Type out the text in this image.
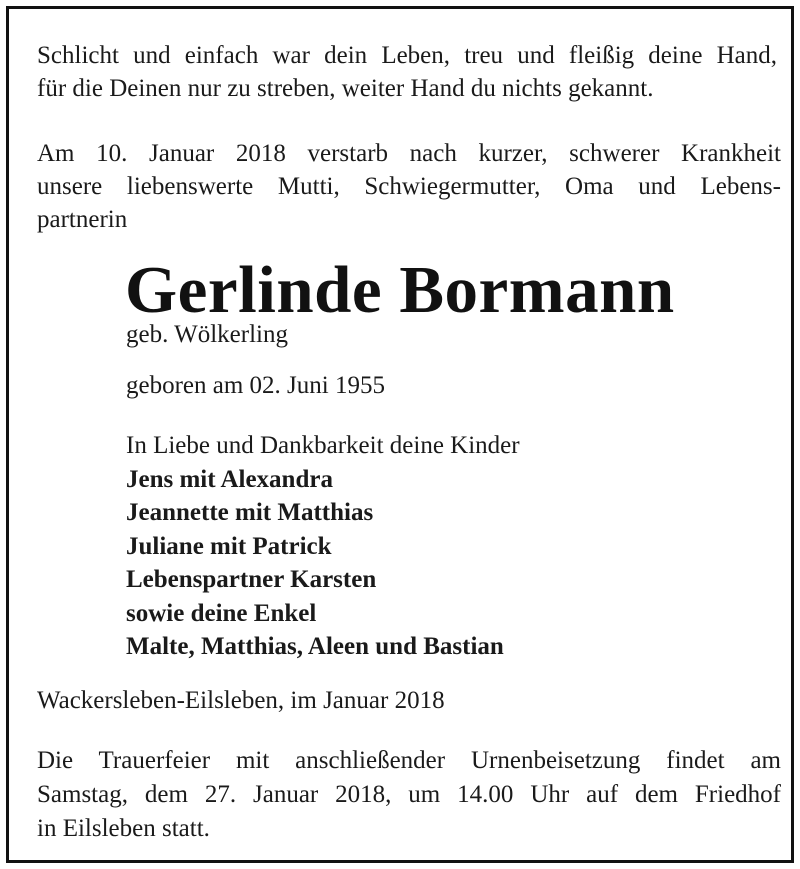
Schlicht und einfach war dein Leben, treu und fleißig deine Hand,
für die Deinen nur zu streben, weiter Hand du nichts gekannt.
Am 10. Januar 2018 verstarb nach kurzer, schwerer Krankheit
unsere liebenswerte Mutti, Schwiegermutter, Oma und Lebens-
partnerin
Gerlinde Bormann
geb. Wölkerling
geboren am 02. Juni 1955
In Liebe und Dankbarkeit deine Kinder
Jens mit Alexandra
Jeannette mit Matthias
Juliane mit Patrick
Lebenspartner Karsten
sowie deine Enkel
Malte, Matthias, Aleen und Bastian
Wackersleben-Eilsleben, im Januar 2018
Die Trauerfeier mit anschließender Urnenbeisetzung findet am
Samstag, dem 27. Januar 2018, um 14.00 Uhr auf dem Friedhof
in Eilsleben statt.
